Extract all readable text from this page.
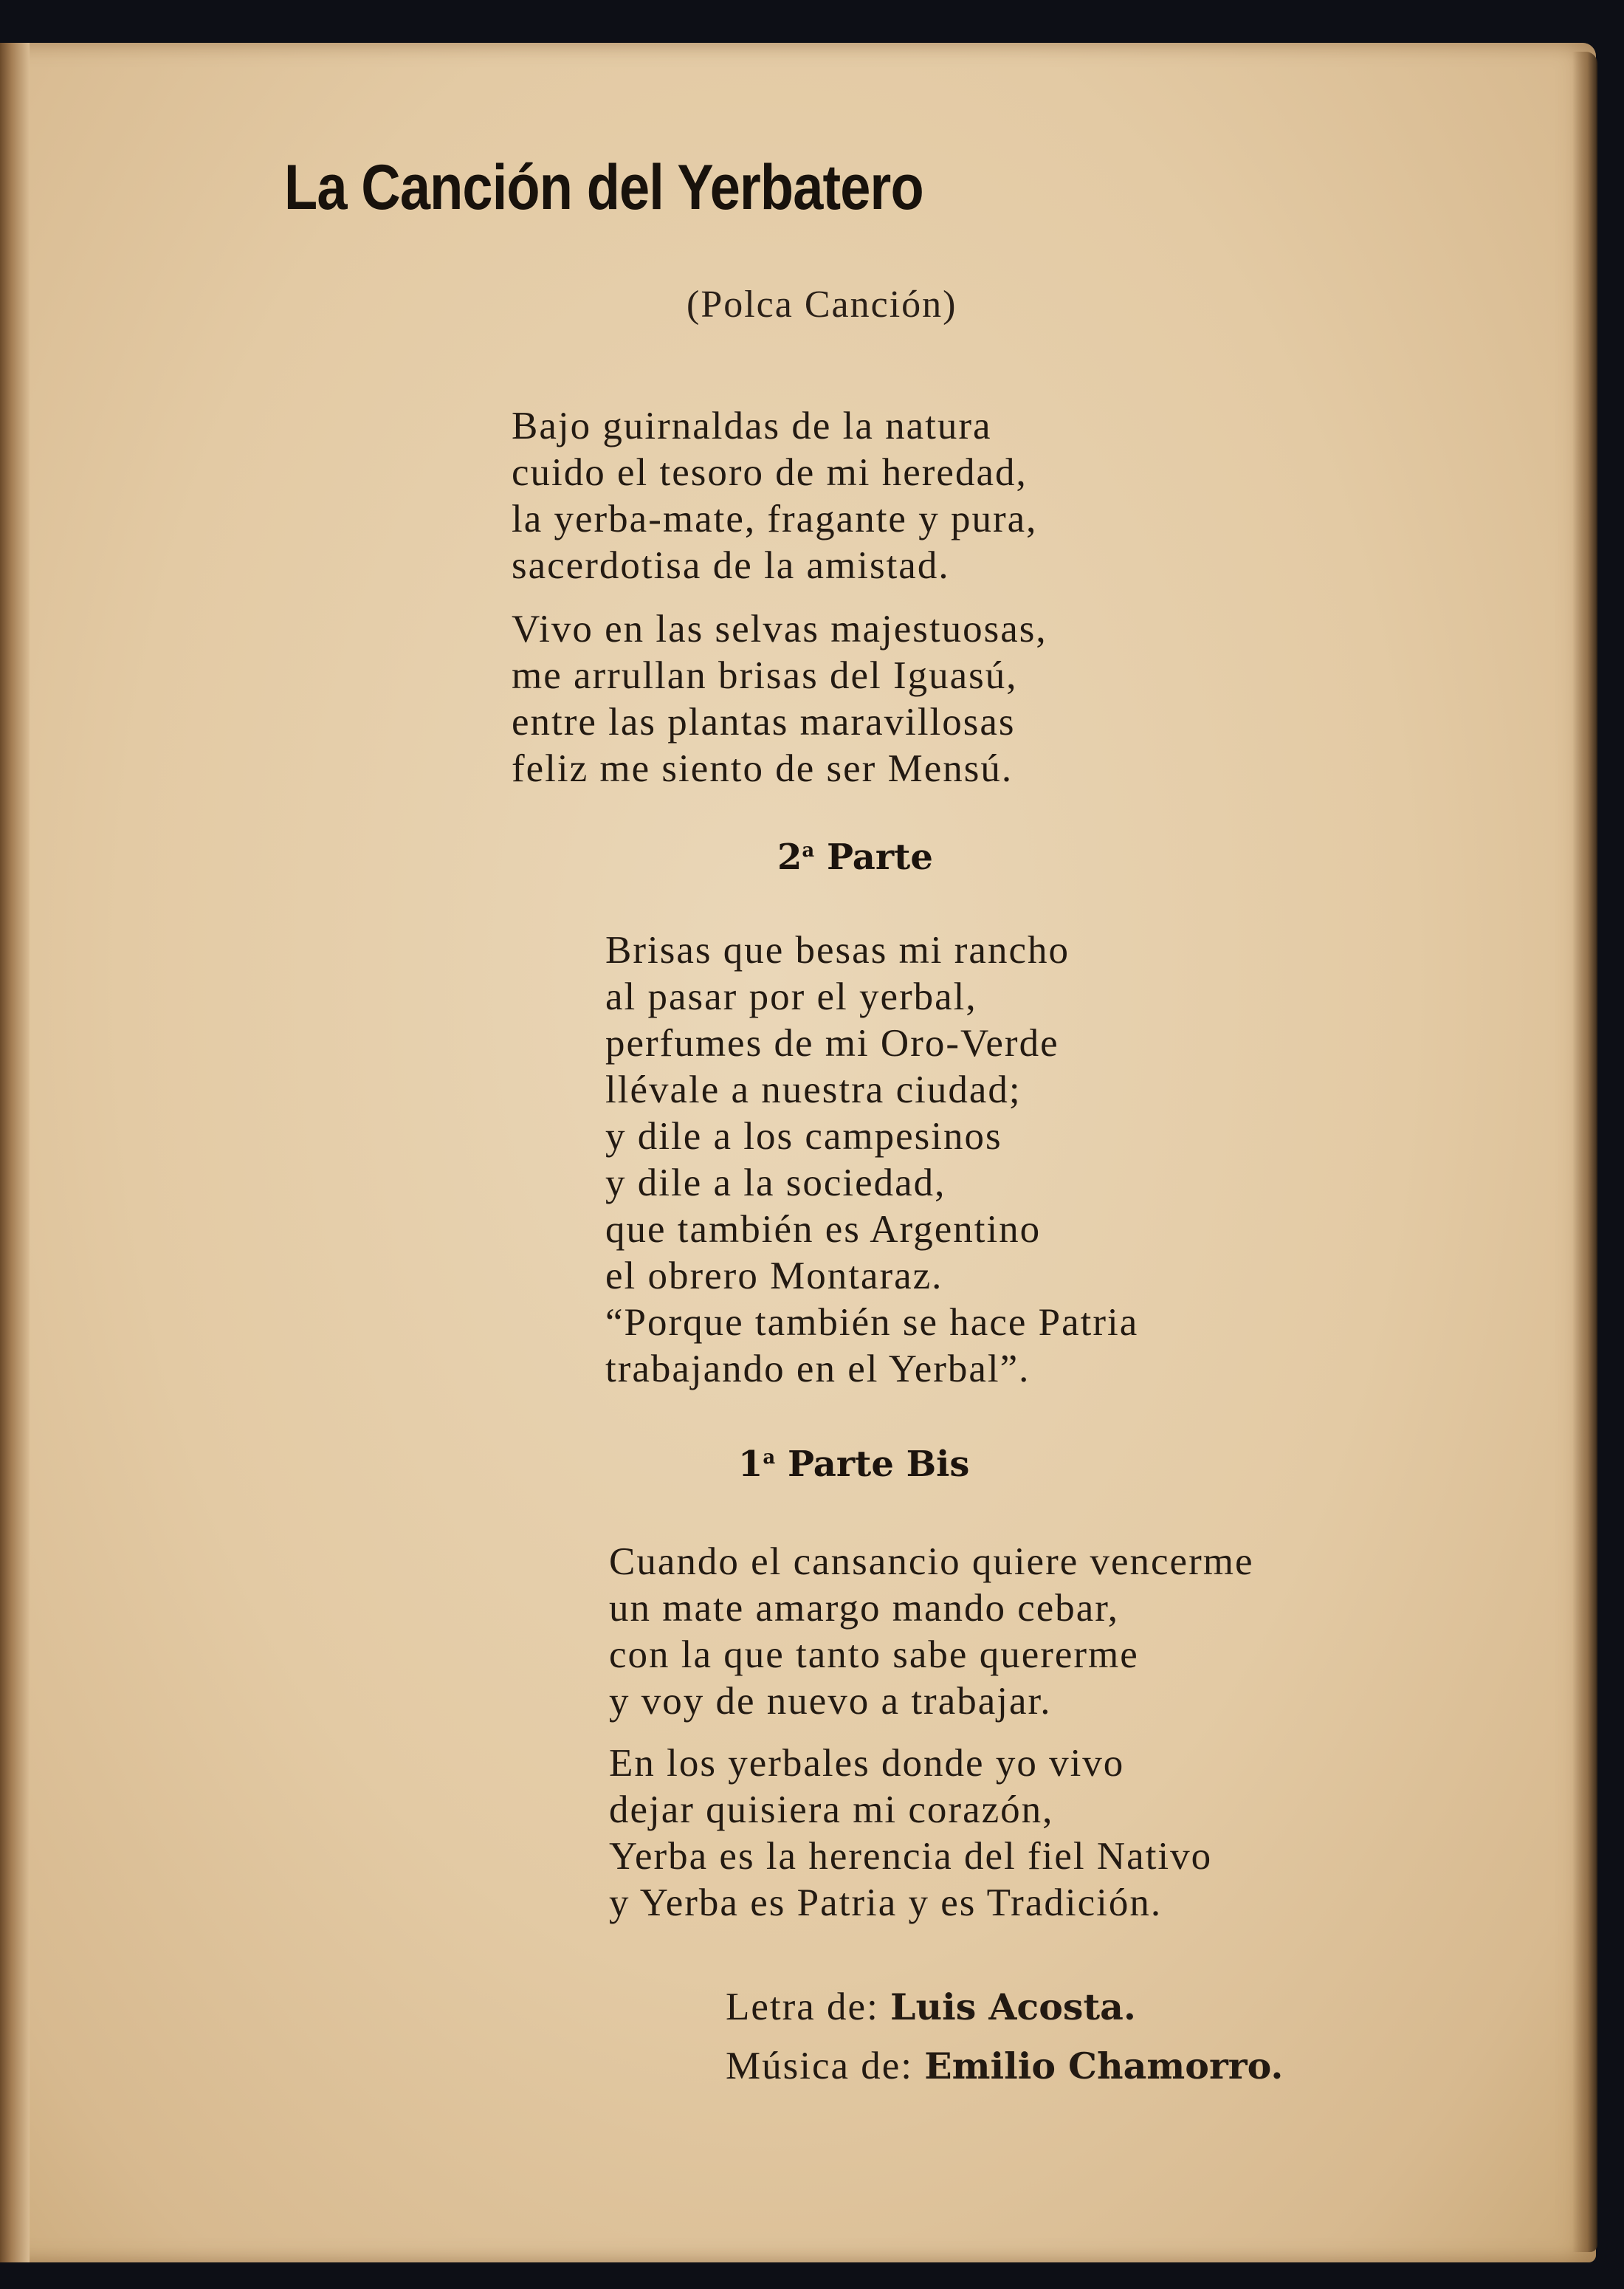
La Canción del Yerbatero

(Polca Canción)

Bajo guirnaldas de la natura
cuido el tesoro de mi heredad,
la yerba-mate, fragante y pura,
sacerdotisa de la amistad.
Vivo en las selvas majestuosas,
me arrullan brisas del Iguasú,
entre las plantas maravillosas
feliz me siento de ser Mensú.

2$^a$ Parte

Brisas que besas mi rancho
al pasar por el yerbal,
perfumes de mi Oro-Verde
llévale a nuestra ciudad;
y dile a los campesinos
y dile a la sociedad,
que también es Argentino
el obrero Montaraz.
“Porque también se hace Patria
trabajando en el Yerbal”.

1$^a$ Parte Bis

Cuando el cansancio quiere vencerme
un mate amargo mando cebar,
con la que tanto sabe quererme
y voy de nuevo a trabajar.
En los yerbales donde yo vivo
dejar quisiera mi corazón,
Yerba es la herencia del fiel Nativo
y Yerba es Patria y es Tradición.

Letra de: Luis Acosta.

Música de: Emilio Chamorro.
